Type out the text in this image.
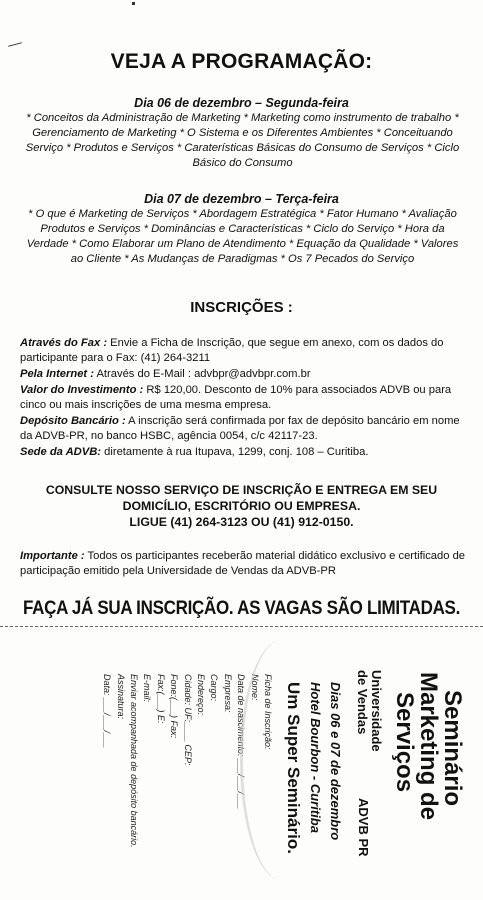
VEJA A PROGRAMAÇÃO:
Dia 06 de dezembro – Segunda-feira
* Conceitos da Administração de Marketing * Marketing como instrumento de trabalho * Gerenciamento de Marketing * O Sistema e os Diferentes Ambientes * Conceituando Serviço * Produtos e Serviços * Caraterísticas Básicas do Consumo de Serviços * Ciclo Básico do Consumo
Dia 07 de dezembro – Terça-feira
* O que é Marketing de Serviços * Abordagem Estratégica * Fator Humano * Avaliação Produtos e Serviços * Dominâncias e Características * Ciclo do Serviço * Hora da Verdade * Como Elaborar um Plano de Atendimento * Equação da Qualidade * Valores ao Cliente * As Mudanças de Paradigmas * Os 7 Pecados do Serviço
INSCRIÇÕES :

Através do Fax : Envie a Ficha de Inscrição, que segue em anexo, com os dados do participante para o Fax: (41) 264-3211

Pela Internet : Através do E-Mail : advbpr@advbpr.com.br

Valor do Investimento : R$ 120,00. Desconto de 10% para associados ADVB ou para cinco ou mais inscrições de uma mesma empresa.

Depósito Bancário : A inscrição será confirmada por fax de depósito bancário em nome da ADVB-PR, no banco HSBC, agência 0054, c/c 42117-23.

Sede da ADVB: diretamente à rua Itupava, 1299, conj. 108 – Curitiba.

CONSULTE NOSSO SERVIÇO DE INSCRIÇÃO E ENTREGA EM SEU
DOMICÍLIO, ESCRITÓRIO OU EMPRESA.
LIGUE (41) 264-3123 OU (41) 912-0150.
Importante : Todos os participantes receberão material didático exclusivo e certificado de participação emitido pela Universidade de Vendas da ADVB-PR
FAÇA JÁ SUA INSCRIÇÃO. AS VAGAS SÃO LIMITADAS.
Seminário
Marketing de
Serviços
Universidade
de Vendas
ADVB PR
Dias 06 e 07 de dezembro
Hotel Bourbon - Curitiba
Um Super Seminário.
Ficha de Inscrição:
Nome:
Data de nascimento: ___/___/___
Empresa:
Cargo:
Endereço:
Cidade: UF:____ CEP:
Fone:(___) Fax:
Fax:(___) E:
E-mail:
Enviar acompanhada de depósito bancário.
Assinatura:
Data: ___/___/___
